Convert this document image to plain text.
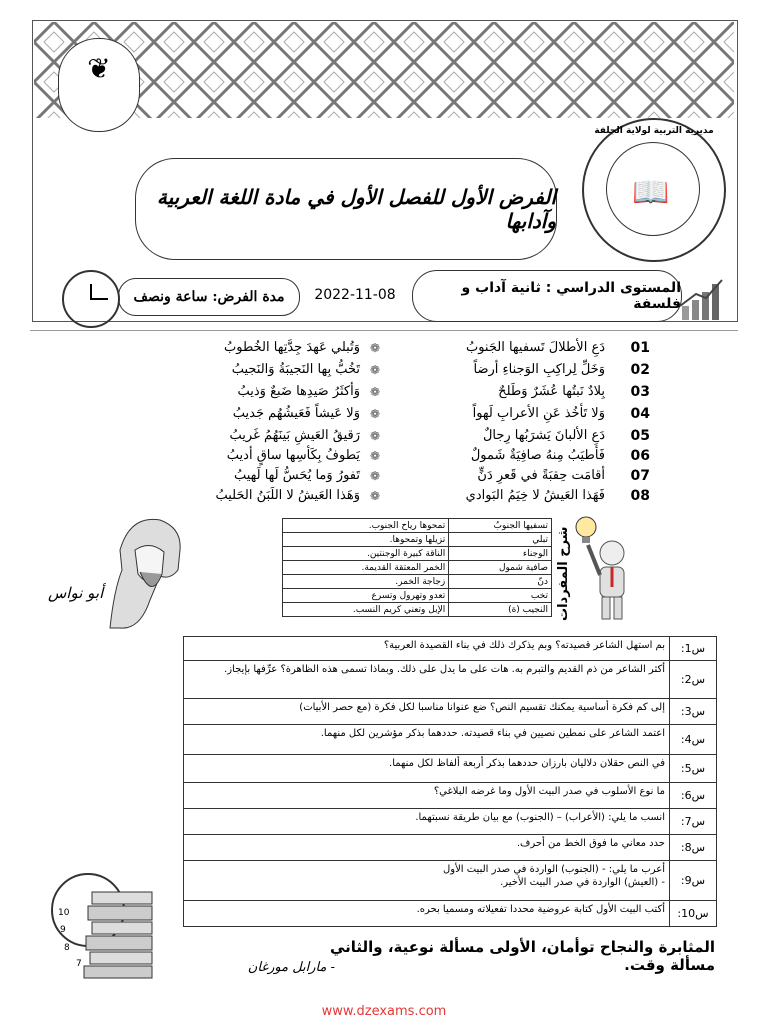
❦
مديرية التربية لولاية الجلفة
📖
الفرض الأول للفصل الأول في مادة اللغة العربية وآدابها
مدة الفرض: ساعة ونصف	2022-11-08	المستوى الدراسي : ثانية آداب و فلسفة
01
دَعِ الأطلالَ تَسفيها الجَنوبُ
❁
وَتُبلي عَهدَ جِدَّتِها الخُطوبُ
02
وَخَلِّ لِراكِبِ الوَجناءِ أرضاً
❁
تَخُبُّ بِها النَجيبَةُ وَالنَجيبُ
03
بِلادٌ نَبتُها عُشَرٌ وَطَلحٌ
❁
وَأكثَرُ صَيدِها ضَبعٌ وَذيبُ
04
وَلا تَأخُذ عَنِ الأعرابِ لَهواً
❁
وَلا عَيشاً فَعَيشُهُم جَديبُ
05
دَعِ الألبانَ يَشرَبُها رِجالٌ
❁
رَقيقُ العَيشِ بَينَهُمُ غَريبُ
06
فَأطيَبُ مِنهُ صافِيَةٌ شَمولٌ
❁
يَطوفُ بِكَأسِها ساقٍ أديبُ
07
أقامَت حِقبَةً في قَعرِ دَنٍّ
❁
تَفورُ وَما يُحَسُّ لَها لَهيبُ
08
فَهَذا العَيشُ لا خِيَمُ البَوادي
❁
وَهَذا العَيشُ لا اللَبَنُ الحَليبُ
شرح المفردات
تسفيها الجنوبُ	تمحوها رياح الجنوب.
تبلي	تزيلها وتمحوها.
الوجناء	الناقة كبيرة الوجنتين.
صافية شمول	الخمر المعتقة القديمة.
دنّ	زجاجة الخمر.
تخب	تعدو وتهرول وتسرع
النجيب (ة)	الإبل وتعني كريم النسب.
أبو نواس
س1:	بم استهل الشاعر قصيدته؟ وبم يذكرك ذلك في بناء القصيدة العربية؟
س2:	أكثر الشاعر من ذم القديم والتبرم به. هات على ما يدل على ذلك. وبماذا تسمى هذه الظاهرة؟ عرِّفها بإيجاز.
س3:	إلى كم فكرة أساسية يمكنك تقسيم النص؟ ضع عنوانا مناسبا لكل فكرة (مع حصر الأبيات)
س4:	اعتمد الشاعر على نمطين نصيين في بناء قصيدته. حددهما بذكر مؤشرين لكل منهما.
س5:	في النص حقلان دلاليان بارزان حددهما بذكر أربعة ألفاظ لكل منهما.
س6:	ما نوع الأسلوب في صدر البيت الأول وما غرضه البلاغي؟
س7:	انسب ما يلي: (الأعراب) – (الجنوب) مع بيان طريقة نسبتهما.
س8:	حدد معاني ما فوق الخط من أحرف.
س9:	أعرب ما يلي: - (الجنوب) الواردة في صدر البيت الأول
- (العيش) الواردة في صدر البيت الأخير.
س10:	أكتب البيت الأول كتابة عروضية محددا تفعيلاته ومسميا بحره.
10
9
8
7
المثابرة والنجاح توأمان، الأولى مسألة نوعية، والثاني مسألة وقت.
- مارابل مورغان
www.dzexams.com
